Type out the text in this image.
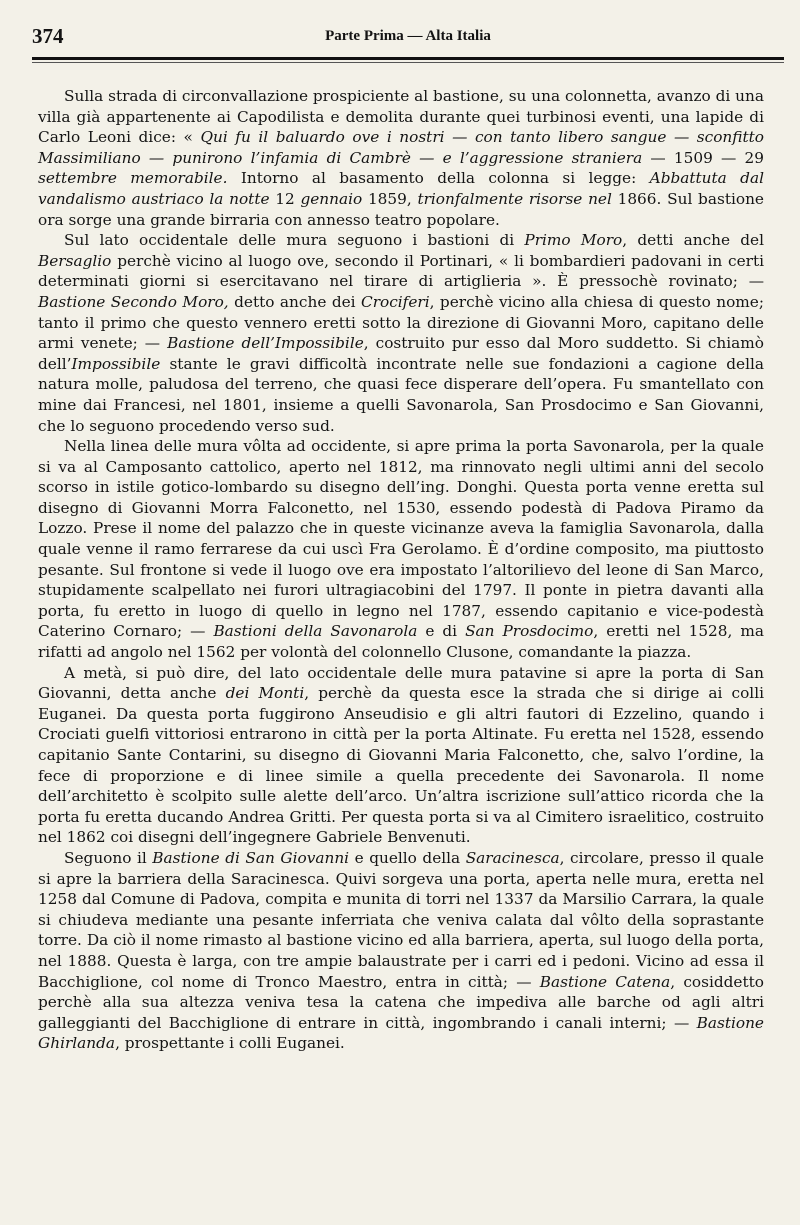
374	Parte Prima — Alta Italia

Sulla strada di circonvallazione prospiciente al bastione, su una colonnetta, avanzo di una villa già appartenente ai Capodilista e demolita durante quei turbinosi eventi, una lapide di Carlo Leoni dice: « Qui fu il baluardo ove i nostri — con tanto libero sangue — sconfitto Massimiliano — punirono l’infamia di Cambrè — e l’aggressione straniera — 1509 — 29 settembre memorabile. Intorno al basamento della colonna si legge: Abbattuta dal vandalismo austriaco la notte 12 gennaio 1859, trionfalmente risorse nel 1866. Sul bastione ora sorge una grande birraria con annesso teatro popolare.

Sul lato occidentale delle mura seguono i bastioni di Primo Moro, detti anche del Bersaglio perchè vicino al luogo ove, secondo il Portinari, « li bombardieri padovani in certi determinati giorni si esercitavano nel tirare di artiglieria ». È pressochè rovinato; — Bastione Secondo Moro, detto anche dei Crociferi, perchè vicino alla chiesa di questo nome; tanto il primo che questo vennero eretti sotto la direzione di Giovanni Moro, capitano delle armi venete; — Bastione dell’Impossibile, costruito pur esso dal Moro suddetto. Si chiamò dell’Impossibile stante le gravi difficoltà incontrate nelle sue fondazioni a cagione della natura molle, paludosa del terreno, che quasi fece disperare dell’opera. Fu smantellato con mine dai Francesi, nel 1801, insieme a quelli Savonarola, San Prosdocimo e San Giovanni, che lo seguono procedendo verso sud.

Nella linea delle mura vôlta ad occidente, si apre prima la porta Savonarola, per la quale si va al Camposanto cattolico, aperto nel 1812, ma rinnovato negli ultimi anni del secolo scorso in istile gotico-lombardo su disegno dell’ing. Donghi. Questa porta venne eretta sul disegno di Giovanni Morra Falconetto, nel 1530, essendo podestà di Padova Piramo da Lozzo. Prese il nome del palazzo che in queste vicinanze aveva la famiglia Savonarola, dalla quale venne il ramo ferrarese da cui uscì Fra Gerolamo. È d’ordine composito, ma piuttosto pesante. Sul frontone si vede il luogo ove era impostato l’altorilievo del leone di San Marco, stupidamente scalpellato nei furori ultragiacobini del 1797. Il ponte in pietra davanti alla porta, fu eretto in luogo di quello in legno nel 1787, essendo capitanio e vice-podestà Caterino Cornaro; — Bastioni della Savonarola e di San Prosdocimo, eretti nel 1528, ma rifatti ad angolo nel 1562 per volontà del colonnello Clusone, comandante la piazza.

A metà, si può dire, del lato occidentale delle mura patavine si apre la porta di San Giovanni, detta anche dei Monti, perchè da questa esce la strada che si dirige ai colli Euganei. Da questa porta fuggirono Anseudisio e gli altri fautori di Ezzelino, quando i Crociati guelfi vittoriosi entrarono in città per la porta Altinate. Fu eretta nel 1528, essendo capitanio Sante Contarini, su disegno di Giovanni Maria Falconetto, che, salvo l’ordine, la fece di proporzione e di linee simile a quella precedente dei Savonarola. Il nome dell’architetto è scolpito sulle alette dell’arco. Un’altra iscrizione sull’attico ricorda che la porta fu eretta ducando Andrea Gritti. Per questa porta si va al Cimitero israelitico, costruito nel 1862 coi disegni dell’ingegnere Gabriele Benvenuti.

Seguono il Bastione di San Giovanni e quello della Saracinesca, circolare, presso il quale si apre la barriera della Saracinesca. Quivi sorgeva una porta, aperta nelle mura, eretta nel 1258 dal Comune di Padova, compita e munita di torri nel 1337 da Marsilio Carrara, la quale si chiudeva mediante una pesante inferriata che veniva calata dal vôlto della soprastante torre. Da ciò il nome rimasto al bastione vicino ed alla barriera, aperta, sul luogo della porta, nel 1888. Questa è larga, con tre ampie balaustrate per i carri ed i pedoni. Vicino ad essa il Bacchiglione, col nome di Tronco Maestro, entra in città; — Bastione Catena, cosiddetto perchè alla sua altezza veniva tesa la catena che impediva alle barche od agli altri galleggianti del Bacchiglione di entrare in città, ingombrando i canali interni; — Bastione Ghirlanda, prospettante i colli Euganei.
